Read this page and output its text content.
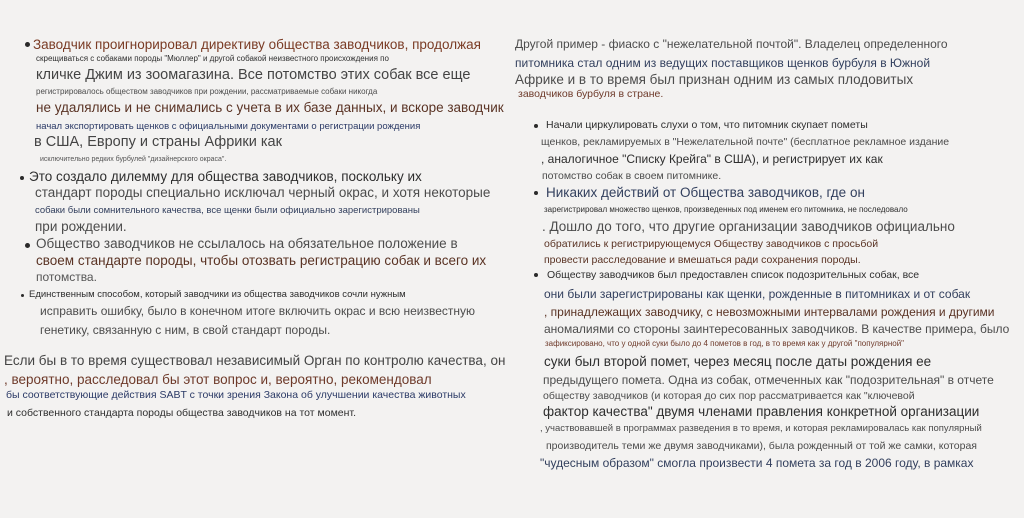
Заводчик проигнорировал директиву общества заводчиков, продолжая
скрещиваться с собаками породы "Мюллер" и другой собакой неизвестного происхождения по
кличке Джим из зоомагазина. Все потомство этих собак все еще
регистрировалось обществом заводчиков при рождении, рассматриваемые собаки никогда
не удалялись и не снимались с учета в их базе данных, и вскоре заводчик
начал экспортировать щенков с официальными документами о регистрации рождения
в США, Европу и страны Африки как
исключительно редких бурбулей "дизайнерского окраса".
Это создало дилемму для общества заводчиков, поскольку их
стандарт породы специально исключал черный окрас, и хотя некоторые
собаки были сомнительного качества, все щенки были официально зарегистрированы
при рождении.
Общество заводчиков не ссылалось на обязательное положение в
своем стандарте породы, чтобы отозвать регистрацию собак и всего их
потомства.
Единственным способом, который заводчики из общества заводчиков сочли нужным
исправить ошибку, было в конечном итоге включить окрас и всю неизвестную
генетику, связанную с ним, в свой стандарт породы.
Если бы в то время существовал независимый Орган по контролю качества, он
, вероятно, расследовал бы этот вопрос и, вероятно, рекомендовал
бы соответствующие действия SABT с точки зрения Закона об улучшении качества животных
и собственного стандарта породы общества заводчиков на тот момент.
Другой пример - фиаско с "нежелательной почтой". Владелец определенного
питомника стал одним из ведущих поставщиков щенков бурбуля в Южной
Африке и в то время был признан одним из самых плодовитых
заводчиков бурбуля в стране.
Начали циркулировать слухи о том, что питомник скупает пометы
щенков, рекламируемых в "Нежелательной почте" (бесплатное рекламное издание
, аналогичное "Списку Крейга" в США), и регистрирует их как
потомство собак в своем питомнике.
Никаких действий от Общества заводчиков, где он
зарегистрировал множество щенков, произведенных под именем его питомника, не последовало
. Дошло до того, что другие организации заводчиков официально
обратились к регистрирующемуся Обществу заводчиков с просьбой
провести расследование и вмешаться ради сохранения породы.
Обществу заводчиков был предоставлен список подозрительных собак, все
они были зарегистрированы как щенки, рожденные в питомниках и от собак
, принадлежащих заводчику, с невозможными интервалами рождения и другими
аномалиями со стороны заинтересованных заводчиков. В качестве примера, было
зафиксировано, что у одной суки было до 4 пометов в год, в то время как у другой "популярной"
суки был второй помет, через месяц после даты рождения ее
предыдущего помета. Одна из собак, отмеченных как "подозрительная" в отчете
обществу заводчиков (и которая до сих пор рассматривается как "ключевой
фактор качества" двумя членами правления конкретной организации
, участвовавшей в программах разведения в то время, и которая рекламировалась как популярный
производитель теми же двумя заводчиками), была рожденный от той же самки, которая
"чудесным образом" смогла произвести 4 помета за год в 2006 году, в рамках
